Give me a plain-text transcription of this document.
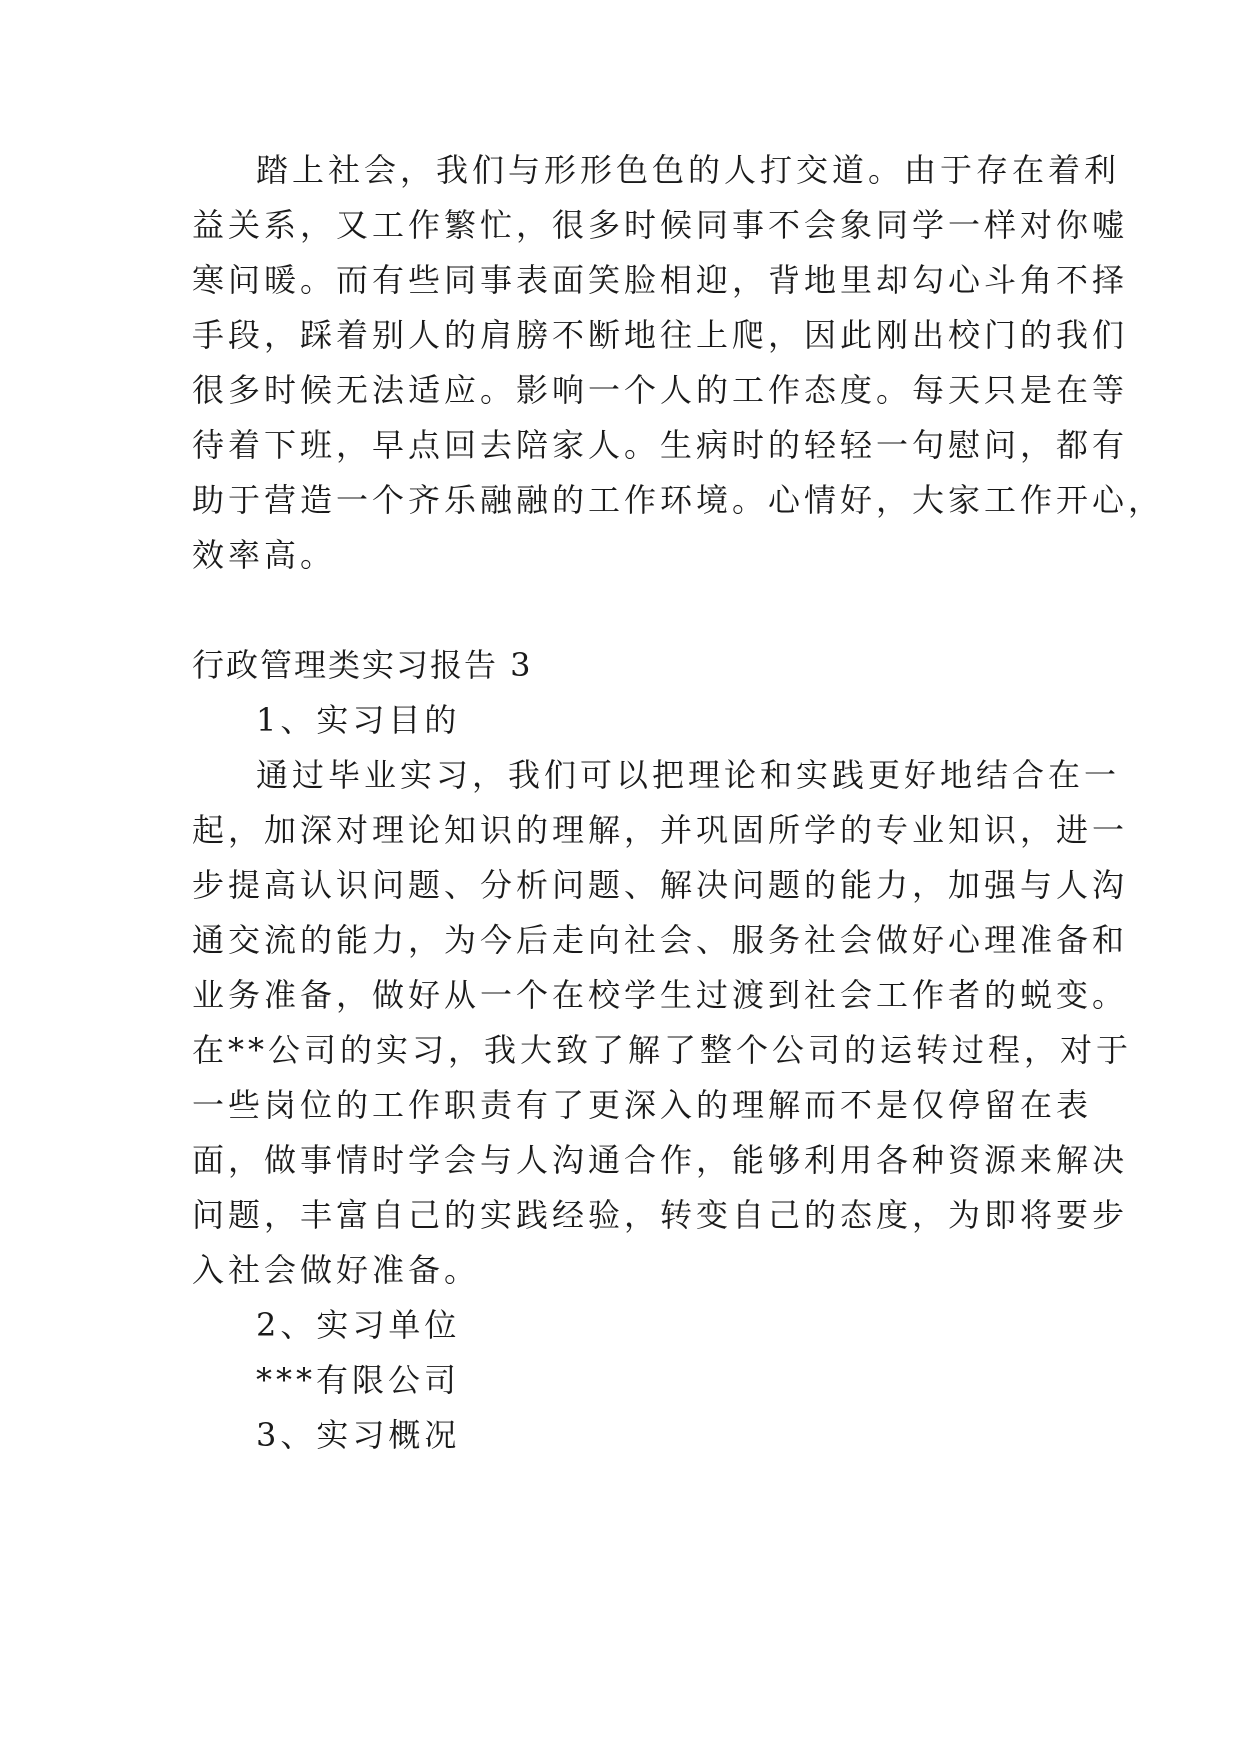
踏上社会，我们与形形色色的人打交道。由于存在着利
益关系，又工作繁忙，很多时候同事不会象同学一样对你嘘
寒问暖。而有些同事表面笑脸相迎，背地里却勾心斗角不择
手段，踩着别人的肩膀不断地往上爬，因此刚出校门的我们
很多时候无法适应。影响一个人的工作态度。每天只是在等
待着下班，早点回去陪家人。生病时的轻轻一句慰问，都有
助于营造一个齐乐融融的工作环境。心情好，大家工作开心，
效率高。
行政管理类实习报告 3
1、实习目的
通过毕业实习，我们可以把理论和实践更好地结合在一
起，加深对理论知识的理解，并巩固所学的专业知识，进一
步提高认识问题、分析问题、解决问题的能力，加强与人沟
通交流的能力，为今后走向社会、服务社会做好心理准备和
业务准备，做好从一个在校学生过渡到社会工作者的蜕变。
在**公司的实习，我大致了解了整个公司的运转过程，对于
一些岗位的工作职责有了更深入的理解而不是仅停留在表
面，做事情时学会与人沟通合作，能够利用各种资源来解决
问题，丰富自己的实践经验，转变自己的态度，为即将要步
入社会做好准备。
2、实习单位
***有限公司
3、实习概况
